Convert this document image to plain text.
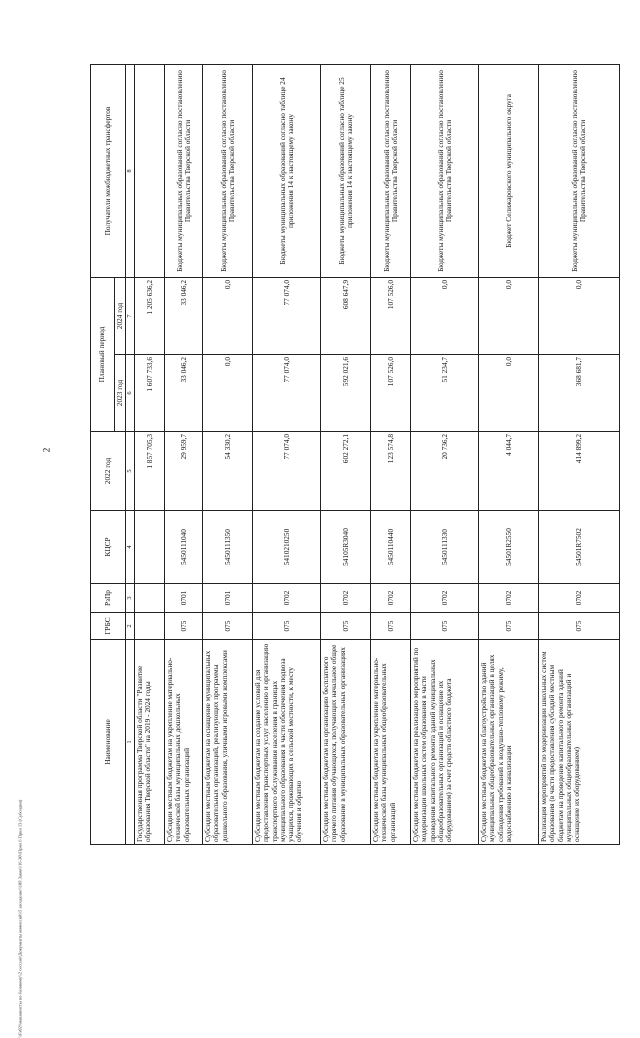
2
\\Fs02\\машинисты по базовому\\2 сессия\\Документы комиссий\\5 заседание\\189 Закон\\16-30\\Прил 6 Прил 13 (Субсидии)
Наименование	ГРБС	РзПр	КЦСР	2022 год	Плановый период		Получатели межбюджетных трансфертов
					2023 год	2024 год	
1	2	3	4	5	6	7	8
Государственная программа Тверской области "Развитие образования Тверской области" на 2019 - 2024 годы				1 857 705,3	1 607 733,6	1 205 636,2	
Субсидии местным бюджетам на укрепление материально-технической базы муниципальных дошкольных образовательных организаций	075	0701	5450111040	29 959,7	33 046,2	33 046,2	Бюджеты муниципальных образований согласно постановлению Правительства Тверской области
Субсидии местным бюджетам на оснащение муниципальных образовательных организаций, реализующих программы дошкольного образования, уличными игровыми комплексами	075	0701	5450111350	54 330,2	0,0	0,0	Бюджеты муниципальных образований согласно постановлению Правительства Тверской области
Субсидии местным бюджетам на создание условий для предоставления транспортных услуг населению и организацию транспортного обслуживания населения в границах муниципального образования в части обеспечения подвоза учащихся, проживающих в сельской местности, к месту обучения и обратно	075	0702	5410210250	77 074,0	77 074,0	77 074,0	Бюджеты муниципальных образований согласно таблице 24 приложения 14 к настоящему закону
Субсидии местным бюджетам на организацию бесплатного горячего питания обучающихся, получающих начальное общее образование в муниципальных образовательных организациях	075	0702	54105R3040	602 272,1	592 021,6	608 647,9	Бюджеты муниципальных образований согласно таблице 25 приложения 14 к настоящему закону
Субсидии местным бюджетам на укрепление материально-технической базы муниципальных общеобразовательных организаций	075	0702	5450110440	123 574,8	107 526,0	107 526,0	Бюджеты муниципальных образований согласно постановлению Правительства Тверской области
Субсидии местным бюджетам на реализацию мероприятий по модернизации школьных систем образования в части проведения капитального ремонта зданий муниципальных общеобразовательных организаций и оснащение их оборудованием) за счет средств областного бюджета	075	0702	5450111330	20 736,2	51 234,7	0,0	Бюджеты муниципальных образований согласно постановлению Правительства Тверской области
Субсидии местным бюджетам на благоустройство зданий муниципальных общеобразовательных организаций в целях соблюдения требований к воздушно-тепловому режиму, водоснабжению и канализации	075	0702	54501R2550	4 044,7	0,0	0,0	Бюджет Селижаровского муниципального округа
Реализация мероприятий по модернизации школьных систем образования (в части предоставления субсидий местным бюджетам на проведение капитального ремонта зданий муниципальных общеобразовательных организаций и оснащение их оборудованием)	075	0702	54501R7502	414 899,2	368 681,7	0,0	Бюджеты муниципальных образований согласно постановлению Правительства Тверской области
